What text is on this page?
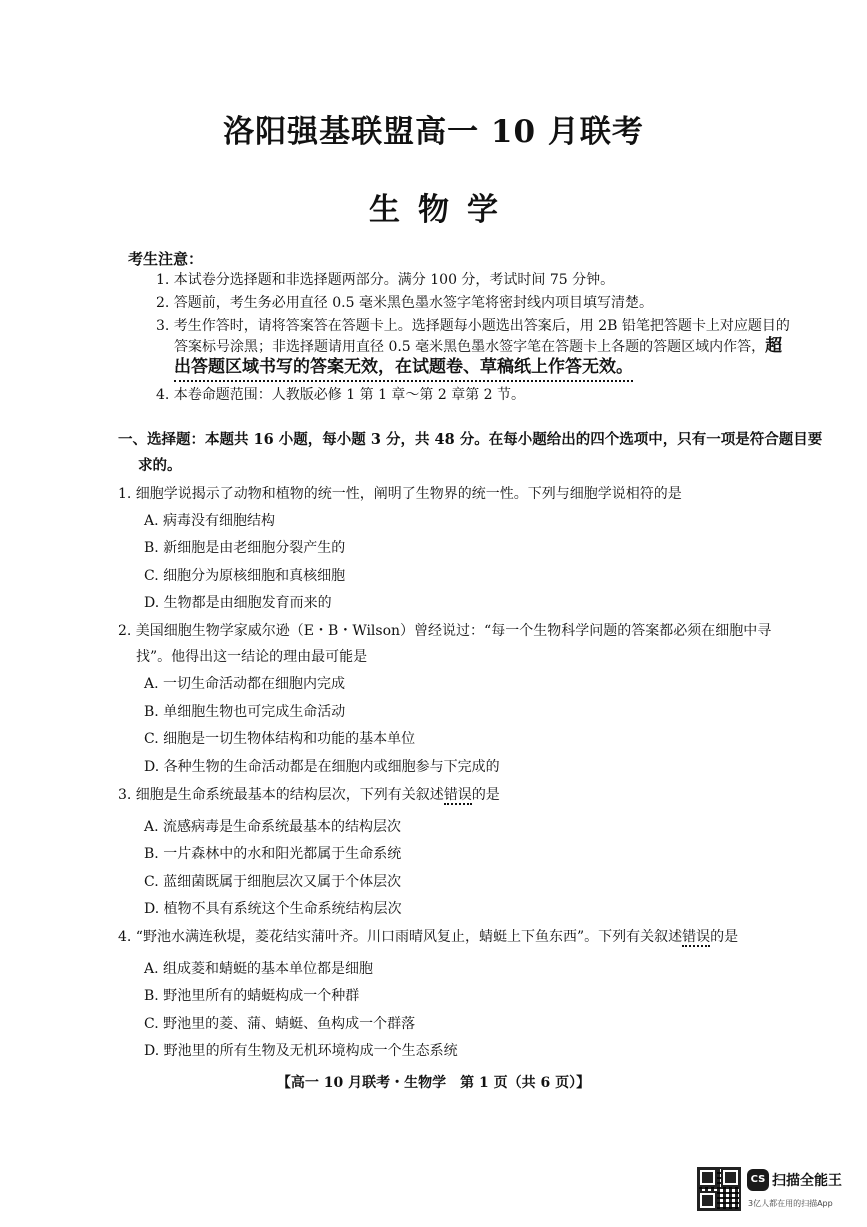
洛阳强基联盟高一 10 月联考
生物学
考生注意：
1. 本试卷分选择题和非选择题两部分。满分 100 分，考试时间 75 分钟。
2. 答题前，考生务必用直径 0.5 毫米黑色墨水签字笔将密封线内项目填写清楚。
3. 考生作答时，请将答案答在答题卡上。选择题每小题选出答案后，用 2B 铅笔把答题卡上对应题目的
答案标号涂黑；非选择题请用直径 0.5 毫米黑色墨水签字笔在答题卡上各题的答题区域内作答，超
出答题区域书写的答案无效，在试题卷、草稿纸上作答无效。
4. 本卷命题范围：人教版必修 1 第 1 章～第 2 章第 2 节。
一、选择题：本题共 16 小题，每小题 3 分，共 48 分。在每小题给出的四个选项中，只有一项是符合题目要
求的。
1. 细胞学说揭示了动物和植物的统一性，阐明了生物界的统一性。下列与细胞学说相符的是
A. 病毒没有细胞结构
B. 新细胞是由老细胞分裂产生的
C. 细胞分为原核细胞和真核细胞
D. 生物都是由细胞发育而来的
2. 美国细胞生物学家威尔逊（E・B・Wilson）曾经说过：“每一个生物科学问题的答案都必须在细胞中寻
找”。他得出这一结论的理由最可能是
A. 一切生命活动都在细胞内完成
B. 单细胞生物也可完成生命活动
C. 细胞是一切生物体结构和功能的基本单位
D. 各种生物的生命活动都是在细胞内或细胞参与下完成的
3. 细胞是生命系统最基本的结构层次，下列有关叙述错误的是
A. 流感病毒是生命系统最基本的结构层次
B. 一片森林中的水和阳光都属于生命系统
C. 蓝细菌既属于细胞层次又属于个体层次
D. 植物不具有系统这个生命系统结构层次
4. “野池水满连秋堤，菱花结实蒲叶齐。川口雨晴风复止，蜻蜓上下鱼东西”。下列有关叙述错误的是
A. 组成菱和蜻蜓的基本单位都是细胞
B. 野池里所有的蜻蜓构成一个种群
C. 野池里的菱、蒲、蜻蜓、鱼构成一个群落
D. 野池里的所有生物及无机环境构成一个生态系统
【高一 10 月联考・生物学　第 1 页（共 6 页）】
CS 扫描全能王
3亿人都在用的扫描App
